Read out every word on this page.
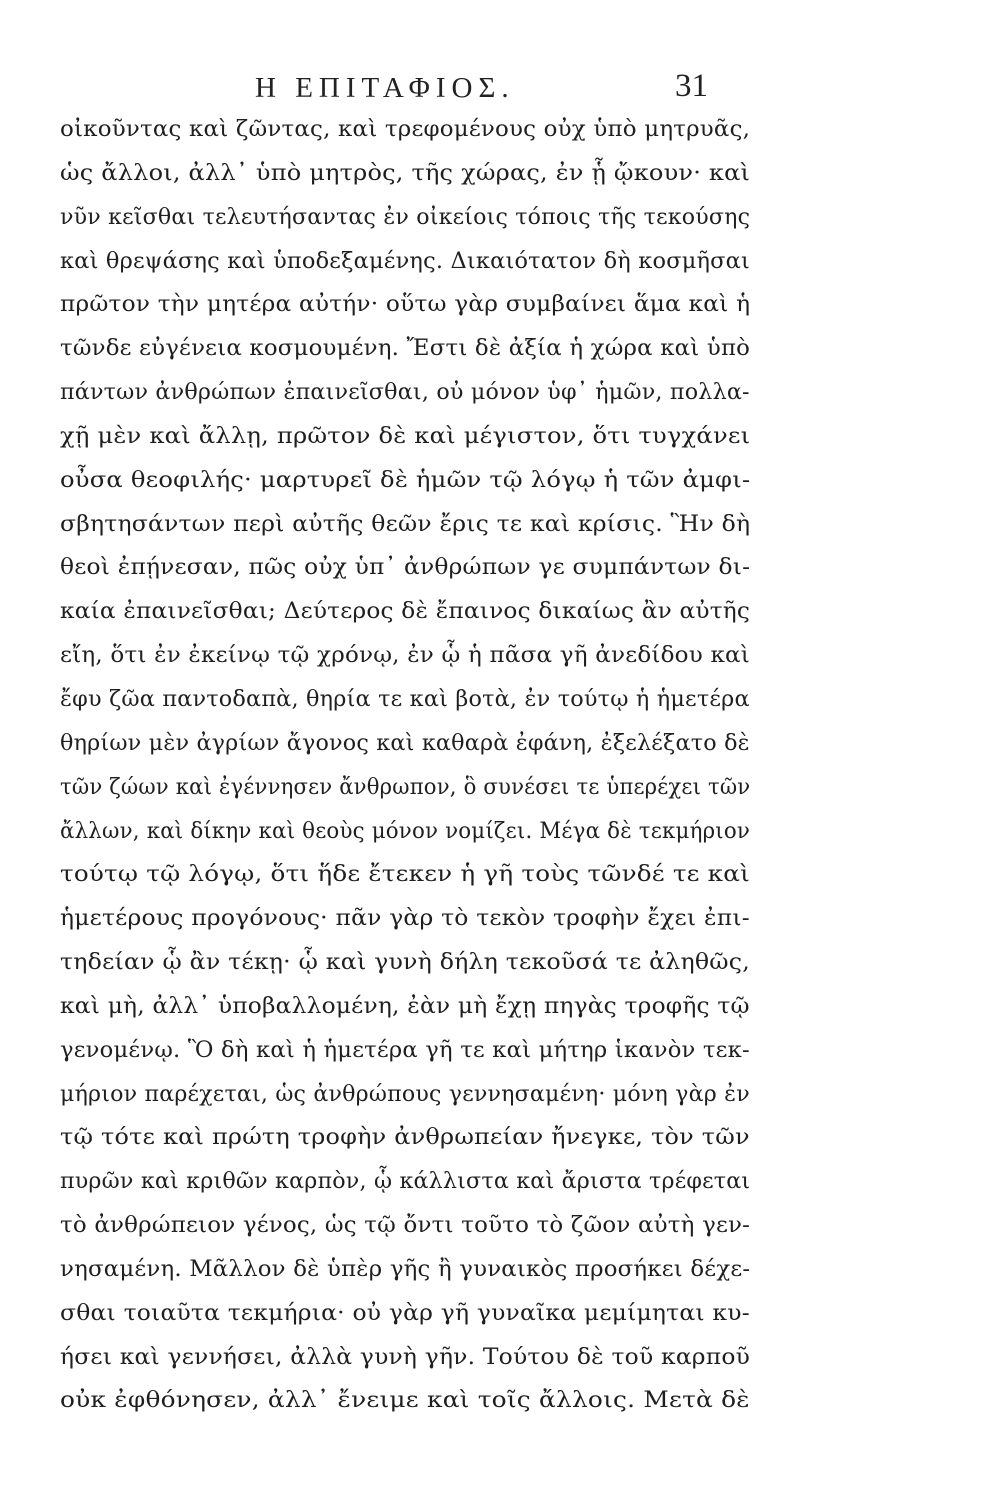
Η ΕΠΙΤΑΦΙΟΣ.	31
οἰκοῦντας καὶ ζῶντας, καὶ τρεφομένους οὐχ ὑπὸ μητρυᾶς,
ὡς ἄλλοι, ἀλλ᾽ ὑπὸ μητρὸς, τῆς χώρας, ἐν ᾗ ᾤκουν· καὶ
νῦν κεῖσθαι τελευτήσαντας ἐν οἰκείοις τόποις τῆς τεκούσης
καὶ θρεψάσης καὶ ὑποδεξαμένης. Δικαιότατον δὴ κοσμῆσαι
πρῶτον τὴν μητέρα αὐτήν· οὕτω γὰρ συμβαίνει ἅμα καὶ ἡ
τῶνδε εὐγένεια κοσμουμένη. Ἔστι δὲ ἀξία ἡ χώρα καὶ ὑπὸ
πάντων ἀνθρώπων ἐπαινεῖσθαι, οὐ μόνον ὑφ᾽ ἡμῶν, πολλα-
χῇ μὲν καὶ ἄλλῃ, πρῶτον δὲ καὶ μέγιστον, ὅτι τυγχάνει
οὖσα θεοφιλής· μαρτυρεῖ δὲ ἡμῶν τῷ λόγῳ ἡ τῶν ἀμφι-
σβητησάντων περὶ αὐτῆς θεῶν ἔρις τε καὶ κρίσις. Ἣν δὴ
θεοὶ ἐπῄνεσαν, πῶς οὐχ ὑπ᾽ ἀνθρώπων γε συμπάντων δι-
καία ἐπαινεῖσθαι; Δεύτερος δὲ ἔπαινος δικαίως ἂν αὐτῆς
εἴη, ὅτι ἐν ἐκείνῳ τῷ χρόνῳ, ἐν ᾧ ἡ πᾶσα γῆ ἀνεδίδου καὶ
ἔφυ ζῶα παντοδαπὰ, θηρία τε καὶ βοτὰ, ἐν τούτῳ ἡ ἡμετέρα
θηρίων μὲν ἀγρίων ἄγονος καὶ καθαρὰ ἐφάνη, ἐξελέξατο δὲ
τῶν ζώων καὶ ἐγέννησεν ἄνθρωπον, ὃ συνέσει τε ὑπερέχει τῶν
ἄλλων, καὶ δίκην καὶ θεοὺς μόνον νομίζει. Μέγα δὲ τεκμήριον
τούτῳ τῷ λόγῳ, ὅτι ἥδε ἔτεκεν ἡ γῆ τοὺς τῶνδέ τε καὶ
ἡμετέρους προγόνους· πᾶν γὰρ τὸ τεκὸν τροφὴν ἔχει ἐπι-
τηδείαν ᾧ ἂν τέκῃ· ᾧ καὶ γυνὴ δήλη τεκοῦσά τε ἀληθῶς,
καὶ μὴ, ἀλλ᾽ ὑποβαλλομένη, ἐὰν μὴ ἔχῃ πηγὰς τροφῆς τῷ
γενομένῳ. Ὃ δὴ καὶ ἡ ἡμετέρα γῆ τε καὶ μήτηρ ἱκανὸν τεκ-
μήριον παρέχεται, ὡς ἀνθρώπους γεννησαμένη· μόνη γὰρ ἐν
τῷ τότε καὶ πρώτη τροφὴν ἀνθρωπείαν ἤνεγκε, τὸν τῶν
πυρῶν καὶ κριθῶν καρπὸν, ᾧ κάλλιστα καὶ ἄριστα τρέφεται
τὸ ἀνθρώπειον γένος, ὡς τῷ ὄντι τοῦτο τὸ ζῶον αὐτὴ γεν-
νησαμένη. Μᾶλλον δὲ ὑπὲρ γῆς ἢ γυναικὸς προσήκει δέχε-
σθαι τοιαῦτα τεκμήρια· οὐ γὰρ γῆ γυναῖκα μεμίμηται κυ-
ήσει καὶ γεννήσει, ἀλλὰ γυνὴ γῆν. Τούτου δὲ τοῦ καρποῦ
οὐκ ἐφθόνησεν, ἀλλ᾽ ἔνειμε καὶ τοῖς ἄλλοις. Μετὰ δὲ
